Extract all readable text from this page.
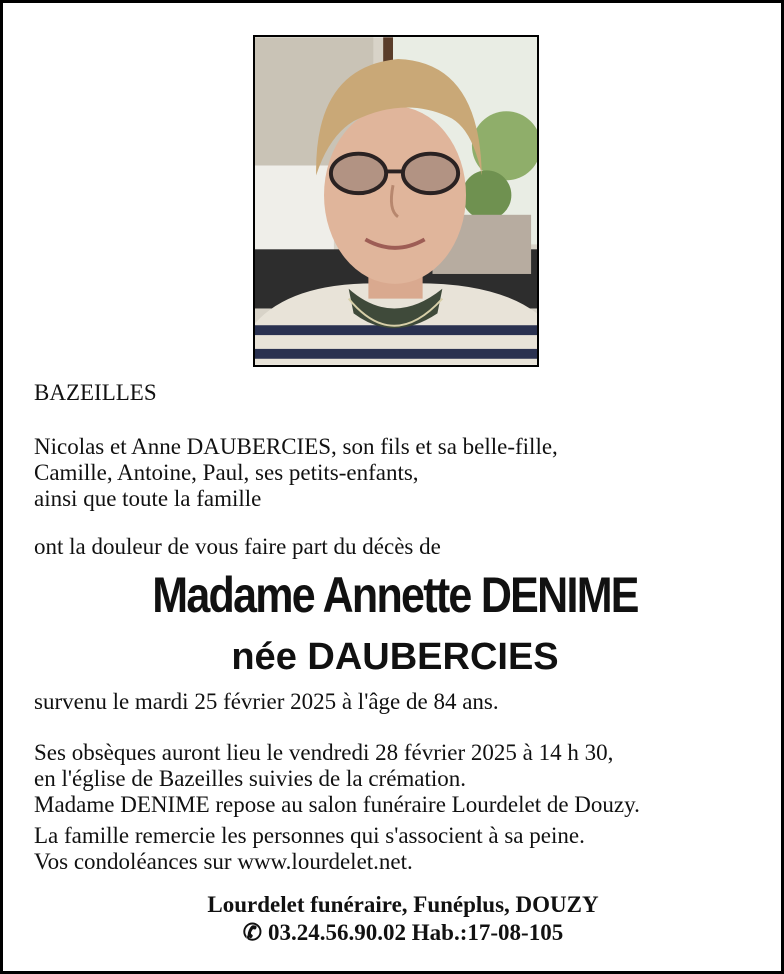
BAZEILLES

Nicolas et Anne DAUBERCIES, son fils et sa belle-fille,
Camille, Antoine, Paul, ses petits-enfants,
ainsi que toute la famille

ont la douleur de vous faire part du décès de

Madame Annette DENIME
née DAUBERCIES

survenu le mardi 25 février 2025 à l'âge de 84 ans.

Ses obsèques auront lieu le vendredi 28 février 2025 à 14 h 30,
en l'église de Bazeilles suivies de la crémation.
Madame DENIME repose au salon funéraire Lourdelet de Douzy.
La famille remercie les personnes qui s'associent à sa peine.
Vos condoléances sur www.lourdelet.net.
Lourdelet funéraire, Funéplus, DOUZY
✆ 03.24.56.90.02 Hab.:17-08-105
